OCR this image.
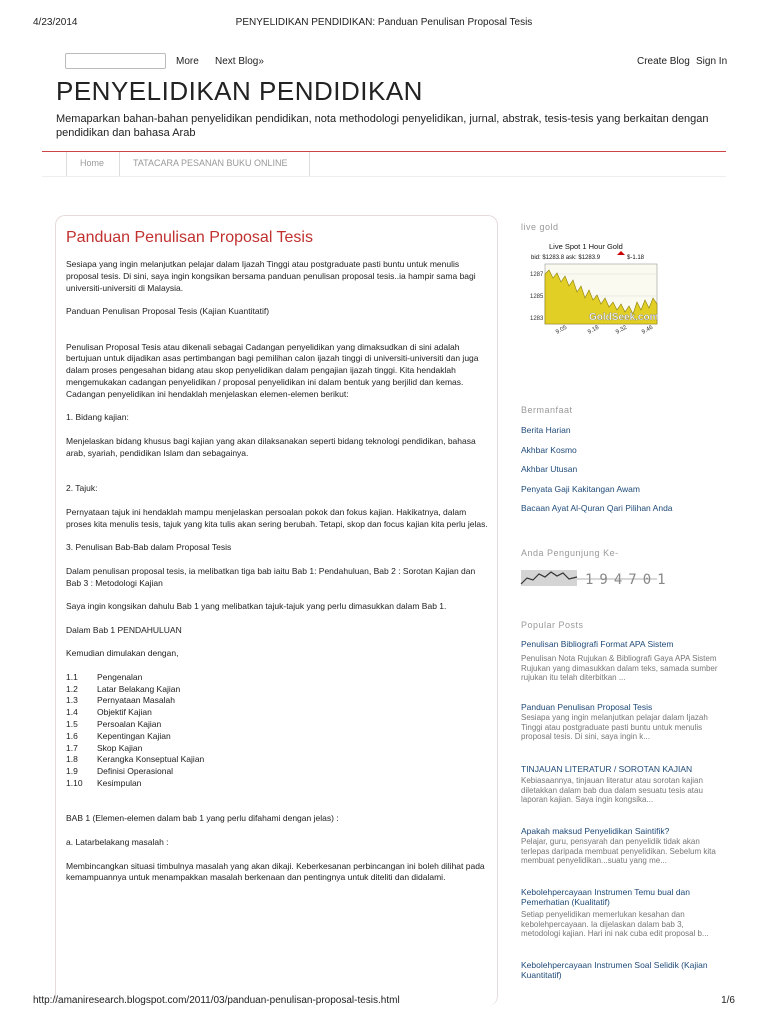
4/23/2014	PENYELIDIKAN PENDIDIKAN: Panduan Penulisan Proposal Tesis
More Next Blog»	Create Blog Sign In
PENYELIDIKAN PENDIDIKAN

Memaparkan bahan-bahan penyelidikan pendidikan, nota methodologi penyelidikan, jurnal, abstrak, tesis-tesis yang berkaitan dengan pendidikan dan bahasa Arab

Home	TATACARA PESANAN BUKU ONLINE
Panduan Penulisan Proposal Tesis

Sesiapa yang ingin melanjutkan pelajar dalam Ijazah Tinggi atau postgraduate pasti buntu untuk menulis proposal tesis. Di sini, saya ingin kongsikan bersama panduan penulisan proposal tesis..ia hampir sama bagi universiti-universiti di Malaysia.

Panduan Penulisan Proposal Tesis (Kajian Kuantitatif)

Penulisan Proposal Tesis atau dikenali sebagai Cadangan penyelidikan yang dimaksudkan di sini adalah bertujuan untuk dijadikan asas pertimbangan bagi pemilihan calon ijazah tinggi di universiti-universiti dan juga dalam proses pengesahan bidang atau skop penyelidikan dalam pengajian ijazah tinggi. Kita hendaklah mengemukakan cadangan penyelidikan / proposal penyelidikan ini dalam bentuk yang berjilid dan kemas. Cadangan penyelidikan ini hendaklah menjelaskan elemen-elemen berikut:

1. Bidang kajian:

Menjelaskan bidang khusus bagi kajian yang akan dilaksanakan seperti bidang teknologi pendidikan, bahasa arab, syariah, pendidikan Islam dan sebagainya.

2. Tajuk:

Pernyataan tajuk ini hendaklah mampu menjelaskan persoalan pokok dan fokus kajian. Hakikatnya, dalam proses kita menulis tesis, tajuk yang kita tulis akan sering berubah. Tetapi, skop dan focus kajian kita perlu jelas.

3. Penulisan Bab-Bab dalam Proposal Tesis

Dalam penulisan proposal tesis, ia melibatkan tiga bab iaitu Bab 1: Pendahuluan, Bab 2 : Sorotan Kajian dan Bab 3 : Metodologi Kajian

Saya ingin kongsikan dahulu Bab 1 yang melibatkan tajuk-tajuk yang perlu dimasukkan dalam Bab 1.

Dalam Bab 1 PENDAHULUAN

Kemudian dimulakan dengan,

1.1	Pengenalan
1.2	Latar Belakang Kajian
1.3	Pernyataan Masalah
1.4	Objektif Kajian
1.5	Persoalan Kajian
1.6	Kepentingan Kajian
1.7	Skop Kajian
1.8	Kerangka Konseptual Kajian
1.9	Definisi Operasional
1.10	Kesimpulan

BAB 1 (Elemen-elemen dalam bab 1 yang perlu difahami dengan jelas) :

a. Latarbelakang masalah :

Membincangkan situasi timbulnya masalah yang akan dikaji. Keberkesanan perbincangan ini boleh dilihat pada kemampuannya untuk menampakkan masalah berkenaan dan pentingnya untuk diteliti dan didalami.

live gold
Live Spot 1 Hour Gold
bid: $1283.8 ask: $1283.9	$-1.18
GoldSeek.com
1287
1285
1283
9.05	9.18 9.32 9.46
Bermanfaat
Berita Harian
Akhbar Kosmo
Akhbar Utusan
Penyata Gaji Kakitangan Awam
Bacaan Ayat Al-Quran Qari Pilihan Anda
Anda Pengunjung Ke-
194701
Popular Posts
Penulisan Bibliografi Format APA Sistem
Penulisan Nota Rujukan & Bibliografi Gaya APA Sistem Rujukan yang dimasukkan dalam teks, samada sumber rujukan itu telah diterbitkan ...
Panduan Penulisan Proposal Tesis
Sesiapa yang ingin melanjutkan pelajar dalam Ijazah Tinggi atau postgraduate pasti buntu untuk menulis proposal tesis. Di sini, saya ingin k...
TINJAUAN LITERATUR / SOROTAN KAJIAN
Kebiasaannya, tinjauan literatur atau sorotan kajian diletakkan dalam bab dua dalam sesuatu tesis atau laporan kajian. Saya ingin kongsika...
Apakah maksud Penyelidikan Saintifik?
Pelajar, guru, pensyarah dan penyelidik tidak akan terlepas daripada membuat penyelidikan. Sebelum kita membuat penyelidikan...suatu yang me...
Kebolehpercayaan Instrumen Temu bual dan Pemerhatian (Kualitatif)
Setiap penyelidikan memerlukan kesahan dan kebolehpercayaan. Ia dijelaskan dalam bab 3, metodologi kajian. Hari ini nak cuba edit proposal b...
Kebolehpercayaan Instrumen Soal Selidik (Kajian Kuantitatif)
http://amaniresearch.blogspot.com/2011/03/panduan-penulisan-proposal-tesis.html	1/6
